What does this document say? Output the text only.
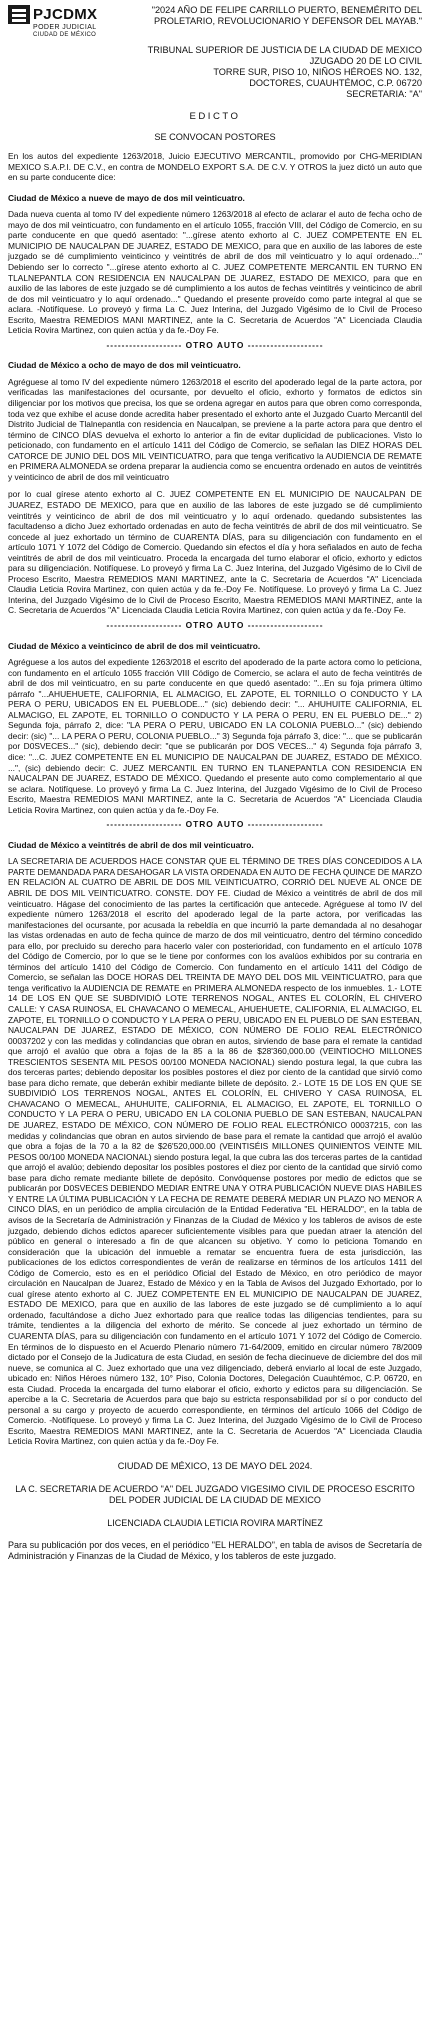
PJCDMX
PODER JUDICIAL
CIUDAD DE MÉXICO
"2024 AÑO DE FELIPE CARRILLO PUERTO, BENEMÉRITO DEL PROLETARIO, REVOLUCIONARIO Y DEFENSOR DEL MAYAB."
TRIBUNAL SUPERIOR DE JUSTICIA DE LA CIUDAD DE MEXICO
JZUGADO 20 DE LO CIVIL
TORRE SUR, PISO 10, NIÑOS HÉROES NO. 132,
DOCTORES, CUAUHTÉMOC, C.P. 06720
SECRETARIA: "A"
EDICTO
SE CONVOCAN POSTORES

En los autos del expediente 1263/2018, Juicio EJECUTIVO MERCANTIL, promovido por CHG-MERIDIAN MEXICO S.A.P.I. DE C.V., en contra de MONDELO EXPORT S.A. DE C.V. Y OTROS la juez dictó un auto que en su parte conducente dice:

Ciudad de México a nueve de mayo de dos mil veinticuatro.

Dada nueva cuenta al tomo IV del expediente número 1263/2018 al efecto de aclarar el auto de fecha ocho de mayo de dos mil veinticuatro, con fundamento en el artículo 1055, fracción VIII, del Código de Comercio, en su parte conducente en que quedó asentado: "...gírese atento exhorto al C. JUEZ COMPETENTE EN EL MUNICIPIO DE NAUCALPAN DE JUAREZ, ESTADO DE MEXICO, para que en auxilio de las labores de este juzgado se dé cumplimiento veinticinco y veintitrés de abril de dos mil veinticuatro y lo aquí ordenado..." Debiendo ser lo correcto "...gírese atento exhorto al C. JUEZ COMPETENTE MERCANTIL EN TURNO EN TLALNEPANTLA CON RESIDENCIA EN NAUCALPAN DE JUAREZ, ESTADO DE MEXICO, para que en auxilio de las labores de este juzgado se dé cumplimiento a los autos de fechas veintitrés y veinticinco de abril de dos mil veinticuatro y lo aquí ordenado..." Quedando el presente proveído como parte integral al que se aclara. -Notifíquese. Lo proveyó y firma La C. Juez Interina, del Juzgado Vigésimo de lo Civil de Proceso Escrito, Maestra REMEDIOS MANI MARTINEZ, ante la C. Secretaria de Acuerdos "A" Licenciada Claudia Leticia Rovira Martinez, con quien actúa y da fe.-Doy Fe.

-------------------- OTRO AUTO --------------------
Ciudad de México a ocho de mayo de dos mil veinticuatro.

Agréguese al tomo IV del expediente número 1263/2018 el escrito del apoderado legal de la parte actora, por verificadas las manifestaciones del ocursante, por devuelto el oficio, exhorto y formatos de edictos sin diligenciar por los motivos que precisa, los que se ordena agregar en autos para que obren como corresponda, toda vez que exhibe el acuse donde acredita haber presentado el exhorto ante el Juzgado Cuarto Mercantil del Distrito Judicial de Tlalnepantla con residencia en Naucalpan, se previene a la parte actora para que dentro el término de CINCO DÍAS devuelva el exhorto lo anterior a fin de evitar duplicidad de publicaciones. Visto lo peticionado, con fundamento en el artículo 1411 del Código de Comercio, se señalan las DIEZ HORAS DEL CATORCE DE JUNIO DEL DOS MIL VEINTICUATRO, para que tenga verificativo la AUDIENCIA DE REMATE en PRIMERA ALMONEDA se ordena preparar la audiencia como se encuentra ordenado en autos de veintitrés y veinticinco de abril de dos mil veinticuatro

por lo cual gírese atento exhorto al C. JUEZ COMPETENTE EN EL MUNICIPIO DE NAUCALPAN DE JUAREZ, ESTADO DE MEXICO, para que en auxilio de las labores de este juzgado se dé cumplimiento veintitrés y veinticinco de abril de dos mil veinticuatro y lo aquí ordenado. quedando subsistentes las facultadenso a dicho Juez exhortado ordenadas en auto de fecha veintitrés de abril de dos mil veinticuatro. Se concede al juez exhortado un término de CUARENTA DÍAS, para su diligenciación con fundamento en el artículo 1071 Y 1072 del Código de Comercio. Quedando sin efectos el día y hora señalados en auto de fecha veintitrés de abril de dos mil veinticuatro. Proceda la encargada del turno elaborar el oficio, exhorto y edictos para su diligenciación. Notifíquese. Lo proveyó y firma La C. Juez Interina, del Juzgado Vigésimo de lo Civil de Proceso Escrito, Maestra REMEDIOS MANI MARTINEZ, ante la C. Secretaria de Acuerdos "A" Licenciada Claudia Leticia Rovira Martinez, con quien actúa y da fe.-Doy Fe. Notifíquese. Lo proveyó y firma La C. Juez Interina, del Juzgado Vigésimo de lo Civil de Proceso Escrito, Maestra REMEDIOS MANI MARTINEZ, ante la C. Secretaria de Acuerdos "A" Licenciada Claudia Leticia Rovira Martinez, con quien actúa y da fe.-Doy Fe.

-------------------- OTRO AUTO --------------------
Ciudad de México a veinticinco de abril de dos mil veinticuatro.

Agréguese a los autos del expediente 1263/2018 el escrito del apoderado de la parte actora como lo peticiona, con fundamento en el artículo 1055 fracción VIII Código de Comercio, se aclara el auto de fecha veintitrés de abril de dos mil veinticuatro, en su parte conducente en que quedó asentado: "...En su foja primera último párrafo "...AHUEHUETE, CALIFORNIA, EL ALMACIGO, EL ZAPOTE, EL TORNILLO O CONDUCTO Y LA PERA O PERU, UBICADOS EN EL PUEBLODE..." (sic) debiendo decir: "... AHUHUITE CALIFORNIA, EL ALMACIGO, EL ZAPOTE, EL TORNILLO O CONDUCTO Y LA PERA O PERU, EN EL PUEBLO DE..." 2) Segunda foja, párrafo 2, dice: "LA PERA O PERU, UBICADO EN LA COLONIA PUEBLO..." (sic) debiendo decir: (sic) "... LA PERA O PERU, COLONIA PUEBLO..." 3) Segunda foja párrafo 3, dice: "... que se publicarán por D0SVECES..." (sic), debiendo decir: "que se publicarán por DOS VECES..." 4) Segunda foja párrafo 3, dice: "...C. JUEZ COMPETENTE EN EL MUNICIPIO DE NAUCALPAN DE JUAREZ, ESTADO DE MÉXICO. ...", (sic) debiendo decir: C. JUEZ MERCANTIL EN TURNO EN TLANEPANTLA CON RESIDENCIA EN NAUCALPAN DE JUAREZ, ESTADO DE MÉXICO. Quedando el presente auto como complementario al que se aclara. Notifíquese. Lo proveyó y firma La C. Juez Interina, del Juzgado Vigésimo de lo Civil de Proceso Escrito, Maestra REMEDIOS MANI MARTINEZ, ante la C. Secretaria de Acuerdos "A" Licenciada Claudia Leticia Rovira Martinez, con quien actúa y da fe.-Doy Fe.

-------------------- OTRO AUTO --------------------
Ciudad de México a veintitrés de abril de dos mil veinticuatro.

LA SECRETARIA DE ACUERDOS HACE CONSTAR QUE EL TÉRMINO DE TRES DÍAS CONCEDIDOS A LA PARTE DEMANDADA PARA DESAHOGAR LA VISTA ORDENADA EN AUTO DE FECHA QUINCE DE MARZO EN RELACIÓN AL CUATRO DE ABRIL DE DOS MIL VEINTICUATRO, CORRIÓ DEL NUEVE AL ONCE DE ABRIL DE DOS MIL VEINTICUATRO. CONSTE. DOY FE. Ciudad de México a veintitrés de abril de dos mil veinticuatro. Hágase del conocimiento de las partes la certificación que antecede. Agréguese al tomo IV del expediente número 1263/2018 el escrito del apoderado legal de la parte actora, por verificadas las manifestaciones del ocursante, por acusada la rebeldía en que incurrió la parte demandada al no desahogar las vistas ordenadas en auto de fecha quince de marzo de dos mil veinticuatro, dentro del término concedido para ello, por precluido su derecho para hacerlo valer con posterioridad, con fundamento en el artículo 1078 del Código de Comercio, por lo que se le tiene por conformes con los avalúos exhibidos por su contraria en términos del artículo 1410 del Código de Comercio. Con fundamento en el artículo 1411 del Código de Comercio, se señalan las DOCE HORAS DEL TREINTA DE MAYO DEL DOS MIL VEINTICUATRO, para que tenga verificativo la AUDIENCIA DE REMATE en PRIMERA ALMONEDA respecto de los inmuebles. 1.- LOTE 14 DE LOS EN QUE SE SUBDIVIDIÓ LOTE TERRENOS NOGAL, ANTES EL COLORÍN, EL CHIVERO CALLE: Y CASA RUINOSA, EL CHAVACANO O MEMECAL, AHUEHUETE, CALIFORNIA, EL ALMACIGO, EL ZAPOTE, EL TORNILLO O CONDUCTO Y LA PERA O PERU, UBICADO EN EL PUEBLO DE SAN ESTEBAN, NAUCALPAN DE JUAREZ, ESTADO DE MÉXICO, CON NÚMERO DE FOLIO REAL ELECTRÓNICO 00037202 y con las medidas y colindancias que obran en autos, sirviendo de base para el remate la cantidad que arrojó el avalúo que obra a fojas de la 85 a la 86 de $28'360,000.00 (VEINTIOCHO MILLONES TRESCIENTOS SESENTA MIL PESOS 00/100 MONEDA NACIONAL) siendo postura legal, la que cubra las dos terceras partes; debiendo depositar los posibles postores el diez por ciento de la cantidad que sirvió como base para dicho remate, que deberán exhibir mediante billete de depósito. 2.- LOTE 15 DE LOS EN QUE SE SUBDIVIDIÓ LOS TERRENOS NOGAL, ANTES EL COLORÍN, EL CHIVERO Y CASA RUINOSA, EL CHAVACANO O MEMECAL, AHUHUITE, CALIFORNIA, EL ALMACIGO, EL ZAPOTE, EL TORNILLO O CONDUCTO Y LA PERA O PERU, UBICADO EN LA COLONIA PUEBLO DE SAN ESTEBAN, NAUCALPAN DE JUAREZ, ESTADO DE MÉXICO, CON NÚMERO DE FOLIO REAL ELECTRÓNICO 00037215, con las medidas y colindancias que obran en autos sirviendo de base para el remate la cantidad que arrojó el avalúo que obra a fojas de la 70 a la 82 de $26'520,000.00 (VEINTISÉIS MILLONES QUINIENTOS VEINTE MIL PESOS 00/100 MONEDA NACIONAL) siendo postura legal, la que cubra las dos terceras partes de la cantidad que arrojó el avalúo; debiendo depositar los posibles postores el diez por ciento de la cantidad que sirvió como base para dicho remate mediante billete de depósito. Convóquense postores por medio de edictos que se publicarán por D0SVECES DEBIENDO MEDIAR ENTRE UNA Y OTRA PUBLICACIÓN NUEVE DIAS HABILES Y ENTRE LA ÚLTIMA PUBLICACIÓN Y LA FECHA DE REMATE DEBERÁ MEDIAR UN PLAZO NO MENOR A CINCO DÍAS, en un periódico de amplia circulación de la Entidad Federativa "EL HERALDO", en la tabla de avisos de la Secretaría de Administración y Finanzas de la Ciudad de México y los tableros de avisos de este juzgado, debiendo dichos edictos aparecer suficientemente visibles para que puedan atraer la atención del público en general o interesado a fin de que alcancen su objetivo. Y como lo peticiona Tomando en consideración que la ubicación del inmueble a rematar se encuentra fuera de esta jurisdicción, las publicaciones de los edictos correspondientes de verán de realizarse en términos de los artículos 1411 del Código de Comercio, esto es en el periódico Oficial del Estado de México, en otro periódico de mayor circulación en Naucalpan de Juarez, Estado de México y en la Tabla de Avisos del Juzgado Exhortado, por lo cual gírese atento exhorto al C. JUEZ COMPETENTE EN EL MUNICIPIO DE NAUCALPAN DE JUAREZ, ESTADO DE MEXICO, para que en auxilio de las labores de este juzgado se dé cumplimiento a lo aquí ordenado, facultándose a dicho Juez exhortado para que realice todas las diligencias tendientes, para su trámite, tendientes a la diligencia del exhorto de mérito. Se concede al juez exhortado un término de CUARENTA DÍAS, para su diligenciación con fundamento en el artículo 1071 Y 1072 del Código de Comercio. En términos de lo dispuesto en el Acuerdo Plenario número 71-64/2009, emitido en circular número 78/2009 dictado por el Consejo de la Judicatura de esta Ciudad, en sesión de fecha diecinueve de diciembre del dos mil nueve, se comunica al C. Juez exhortado que una vez diligenciado, deberá enviarlo al local de este Juzgado, ubicado en: Niños Héroes número 132, 10° Piso, Colonia Doctores, Delegación Cuauhtémoc, C.P. 06720, en esta Ciudad. Proceda la encargada del turno elaborar el oficio, exhorto y edictos para su diligenciación. Se apercibe a la C. Secretaria de Acuerdos para que bajo su estricta responsabilidad por sí o por conducto del personal a su cargo y proyecto de acuerdo correspondiente, en términos del artículo 1066 del Código de Comercio. -Notifíquese. Lo proveyó y firma La C. Juez Interina, del Juzgado Vigésimo de lo Civil de Proceso Escrito, Maestra REMEDIOS MANI MARTINEZ, ante la C. Secretaria de Acuerdos "A" Licenciada Claudia Leticia Rovira Martinez, con quien actúa y da fe.-Doy Fe.

CIUDAD DE MÉXICO, 13 DE MAYO DEL 2024.
LA C. SECRETARIA DE ACUERDO "A" DEL JUZGADO VIGESIMO CIVIL DE PROCESO ESCRITO DEL PODER JUDICIAL DE LA CIUDAD DE MEXICO
LICENCIADA CLAUDIA LETICIA ROVIRA MARTÍNEZ
Para su publicación por dos veces, en el periódico "EL HERALDO", en tabla de avisos de Secretaría de Administración y Finanzas de la Ciudad de México, y los tableros de este juzgado.
